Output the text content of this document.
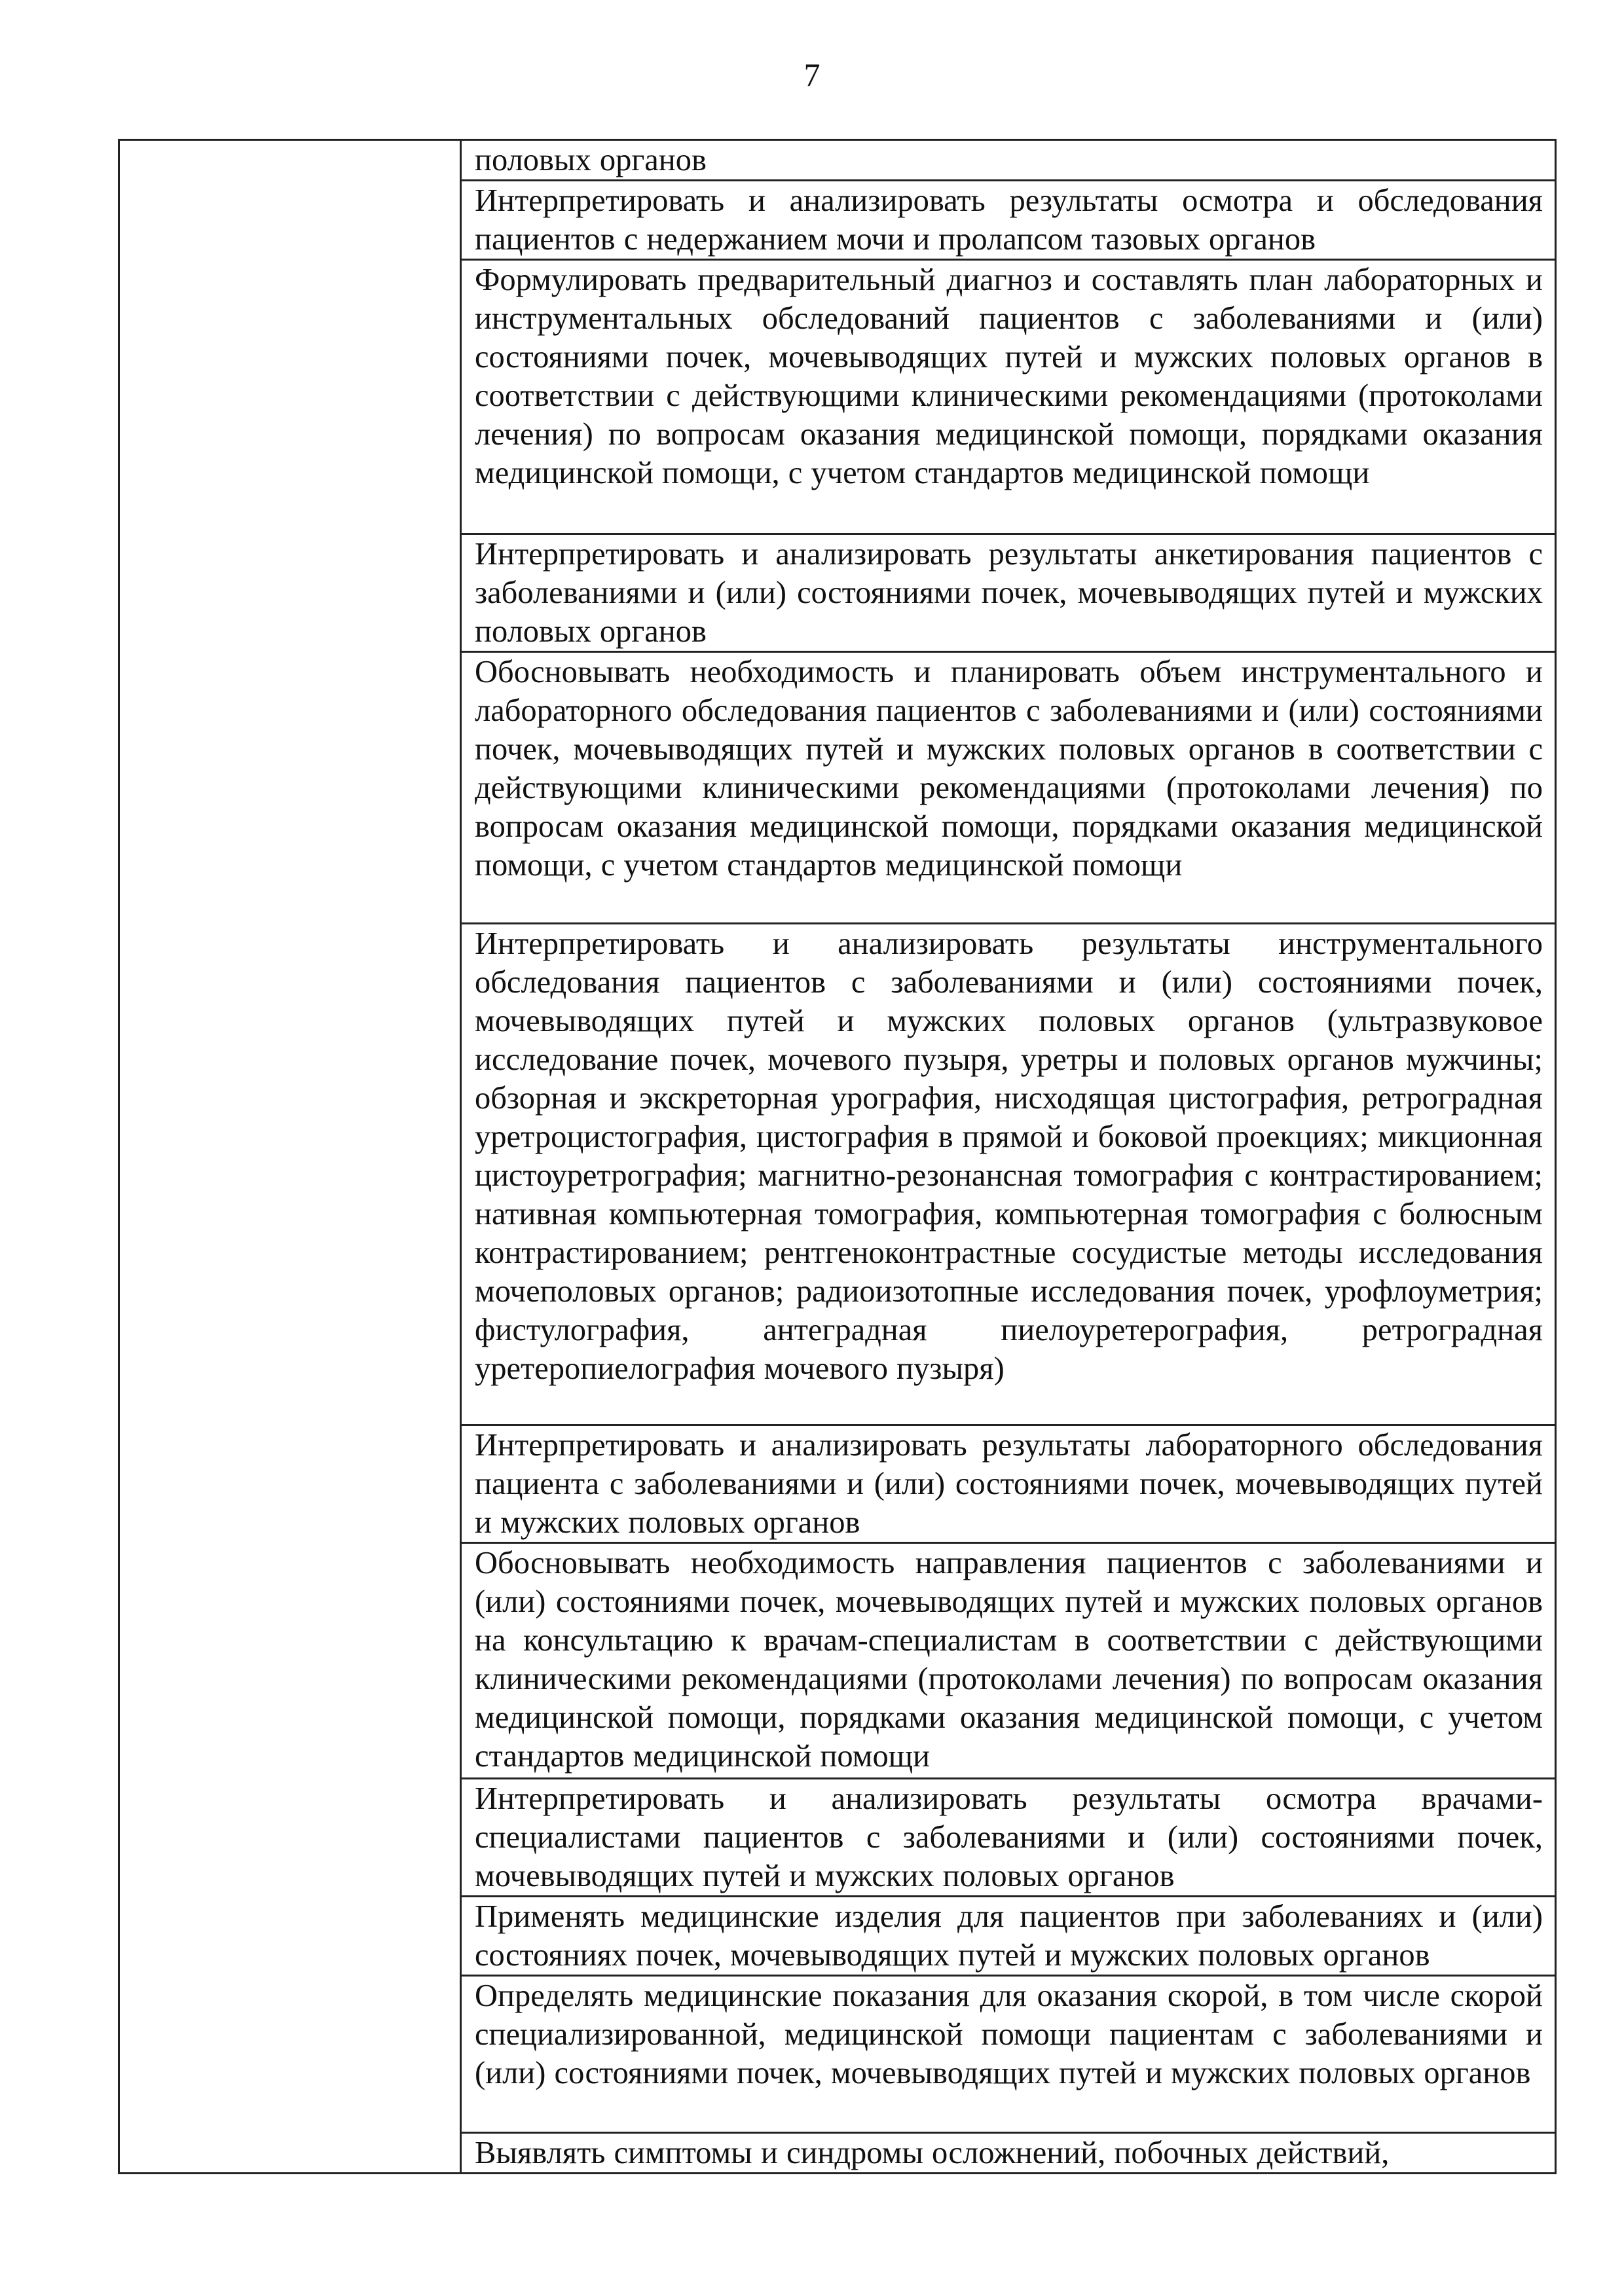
7

половых органов

Интерпретировать и анализировать результаты осмотра и обследования пациентов с недержанием мочи и пролапсом тазовых органов

Формулировать предварительный диагноз и составлять план лабораторных и инструментальных обследований пациентов с заболеваниями и (или) состояниями почек, мочевыводящих путей и мужских половых органов в соответствии с действующими клиническими рекомендациями (протоколами лечения) по вопросам оказания медицинской помощи, порядками оказания медицинской помощи, с учетом стандартов медицинской помощи

Интерпретировать и анализировать результаты анкетирования пациентов с заболеваниями и (или) состояниями почек, мочевыводящих путей и мужских половых органов

Обосновывать необходимость и планировать объем инструментального и лабораторного обследования пациентов с заболеваниями и (или) состояниями почек, мочевыводящих путей и мужских половых органов в соответствии с действующими клиническими рекомендациями (протоколами лечения) по вопросам оказания медицинской помощи, порядками оказания медицинской помощи, с учетом стандартов медицинской помощи

Интерпретировать и анализировать результаты инструментального обследования пациентов с заболеваниями и (или) состояниями почек, мочевыводящих путей и мужских половых органов (ультразвуковое исследование почек, мочевого пузыря, уретры и половых органов мужчины; обзорная и экскреторная урография, нисходящая цистография, ретроградная уретроцистография, цистография в прямой и боковой проекциях; микционная цистоуретрография; магнитно-резонансная томография с контрастированием; нативная компьютерная томография, компьютерная томография с болюсным контрастированием; рентгеноконтрастные сосудистые методы исследования мочеполовых органов; радиоизотопные исследования почек, урофлоуметрия; фистулография, антеградная пиелоуретерография, ретроградная уретеропиелография мочевого пузыря)

Интерпретировать и анализировать результаты лабораторного обследования пациента с заболеваниями и (или) состояниями почек, мочевыводящих путей и мужских половых органов

Обосновывать необходимость направления пациентов с заболеваниями и (или) состояниями почек, мочевыводящих путей и мужских половых органов на консультацию к врачам-специалистам в соответствии с действующими клиническими рекомендациями (протоколами лечения) по вопросам оказания медицинской помощи, порядками оказания медицинской помощи, с учетом стандартов медицинской помощи

Интерпретировать и анализировать результаты осмотра врачами-специалистами пациентов с заболеваниями и (или) состояниями почек, мочевыводящих путей и мужских половых органов

Применять медицинские изделия для пациентов при заболеваниях и (или) состояниях почек, мочевыводящих путей и мужских половых органов

Определять медицинские показания для оказания скорой, в том числе скорой специализированной, медицинской помощи пациентам с заболеваниями и (или) состояниями почек, мочевыводящих путей и мужских половых органов

Выявлять симптомы и синдромы осложнений, побочных действий,
